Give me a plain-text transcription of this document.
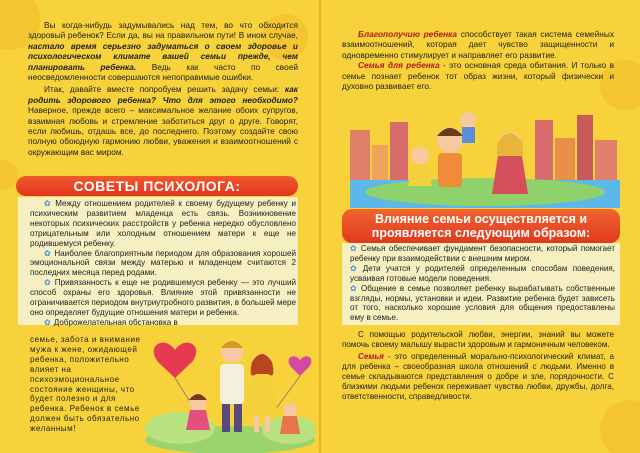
Вы когда-нибудь задумывались над тем, во что обходится здоровый ребенок? Если да, вы на правильном пути! В ином случае, настало время серьезно задуматься о своем здоровье и психологическом климате вашей семьи прежде, чем планировать ребенка. Ведь как часто по своей неосведомленности совершаются непоправимые ошибки.

Итак, давайте вместе попробуем решить задачу семьи: как родить здорового ребенка? Что для этого необходимо? Наверное, прежде всего – максимальное желание обоих супругов, взаимная любовь и стремление заботиться друг о друге. Говорят, если любишь, отдашь все, до последнего. Поэтому создайте свою полную обоюдную гармонию любви, уважения и взаимоотношений с окружающим вас миром.

СОВЕТЫ ПСИХОЛОГА:

✿ Между отношением родителей к своему будущему ребенку и психическим развитием младенца есть связь. Возникновение некоторых психических расстройств у ребенка нередко обусловлено отрицательным или холодным отношением матери к еще не родившемуся ребенку.

✿ Наиболее благоприятным периодом для образования хорошей эмоциональной связи между матерью и младенцем считаются 2 последних месяца перед родами.

✿ Привязанность к еще не родившемуся ребенку — это лучший способ охраны его здоровья. Влияние этой привязанности не ограничивается периодом внутриутробного развития, в большей мере оно определяет будущие отношения матери и ребенка.

✿ Доброжелательная обстановка в

семье, забота и внимание мужа к жене, ожидающей ребенка, положительно влияет на психоэмоциональное состояние женщины, что будет полезно и для ребенка. Ребенок в семье должен быть обязательно желанным!

Благополучию ребенка способствует такая система семейных взаимоотношений, которая дает чувство защищенности и одновременно стимулирует и направляет его развитие.

Семья для ребенка - это основная среда обитания. И только в семье познает ребенок тот образ жизни, который физически и духовно развивает его.

Влияние семьи осуществляется и проявляется следующим образом:

✿ Семья обеспечивает фундамент безопасности, который помогает ребенку при взаимодействии с внешним миром.

✿ Дети учатся у родителей определенным способам поведения, усваивая готовые модели поведения.

✿ Общение в семье позволяет ребенку вырабатывать собственные взгляды, нормы, установки и идеи. Развитие ребенка будет зависеть от того, насколько хорошие условия для общения предоставлены ему в семье.

С помощью родительской любви, энергии, знаний вы можете помочь своему малышу вырасти здоровым и гармоничным человеком.

Семья - это определенный морально-психологический климат, а для ребенка – своеобразная школа отношений с людьми. Именно в семье складываются представления о добре и зле, порядочности. С близкими людьми ребенок переживает чувства любви, дружбы, долга, ответственности, справедливости.
